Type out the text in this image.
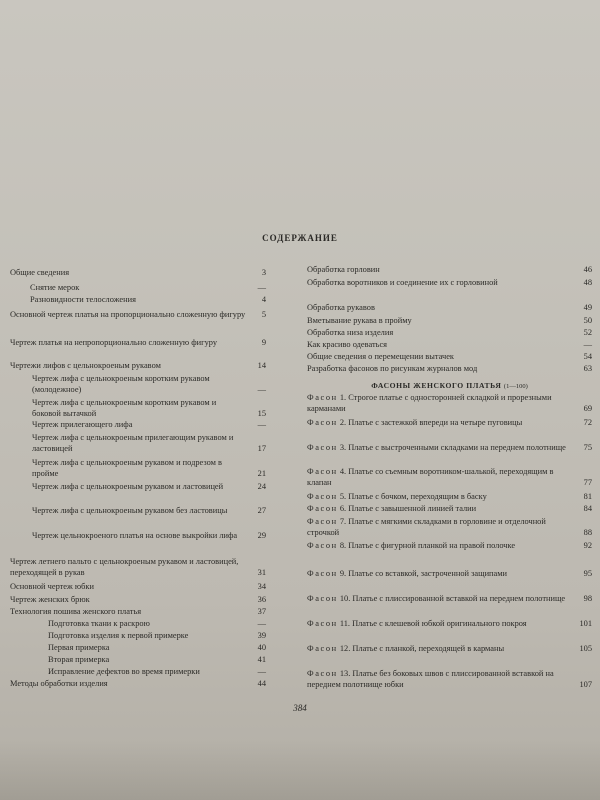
СОДЕРЖАНИЕ
Общие сведения	3
Снятие мерок	—
Разновидности телосложения	4
Основной чертеж платья на пропорционально сложенную фигуру	5
Чертеж платья на непропорционально сложенную фигуру	9
Чертежи лифов с цельнокроеным рукавом	14
Чертеж лифа с цельнокроеным коротким рукавом (молодежное)	—
Чертеж лифа с цельнокроеным коротким рукавом и боковой вытачкой	15
Чертеж прилегающего лифа	—
Чертеж лифа с цельнокроеным прилегающим рукавом и ластовицей	17
Чертеж лифа с цельнокроеным рукавом и подрезом в пройме	21
Чертеж лифа с цельнокроеным рукавом и ластовицей	24
Чертеж лифа с цельнокроеным рукавом без ластовицы	27
Чертеж цельнокроеного платья на основе выкройки лифа	29
Чертеж летнего пальто с цельнокроеным рукавом и ластовицей, переходящей в рукав	31
Основной чертеж юбки	34
Чертеж женских брюк	36
Технология пошива женского платья	37
Подготовка ткани к раскрою	—
Подготовка изделия к первой примерке	39
Первая примерка	40
Вторая примерка	41
Исправление дефектов во время примерки	—
Методы обработки изделия	44
ФАСОНЫ ЖЕНСКОГО ПЛАТЬЯ (1—100)
Обработка горловин	46
Обработка воротников и соединение их с горловиной	48
Обработка рукавов	49
Вметывание рукава в пройму	50
Обработка низа изделия	52
Как красиво одеваться	—
Общие сведения о перемещении вытачек	54
Разработка фасонов по рисункам журналов мод	63
Фасон 1. Строгое платье с односторонней складкой и прорезными карманами	69
Фасон 2. Платье с застежкой впереди на четыре пуговицы	72
Фасон 3. Платье с выстроченными складками на переднем полотнище	75
Фасон 4. Платье со съемным воротником-шалькой, переходящим в клапан	77
Фасон 5. Платье с бочком, переходящим в баску	81
Фасон 6. Платье с завышенной линией талии	84
Фасон 7. Платье с мягкими складками в горловине и отделочной строчкой	88
Фасон 8. Платье с фигурной планкой на правой полочке	92
Фасон 9. Платье со вставкой, застроченной защипами	95
Фасон 10. Платье с плиссированной вставкой на переднем полотнище	98
Фасон 11. Платье с клешевой юбкой оригинального покроя	101
Фасон 12. Платье с планкой, переходящей в карманы	105
Фасон 13. Платье без боковых швов с плиссированной вставкой на переднем полотнище юбки	107
384
